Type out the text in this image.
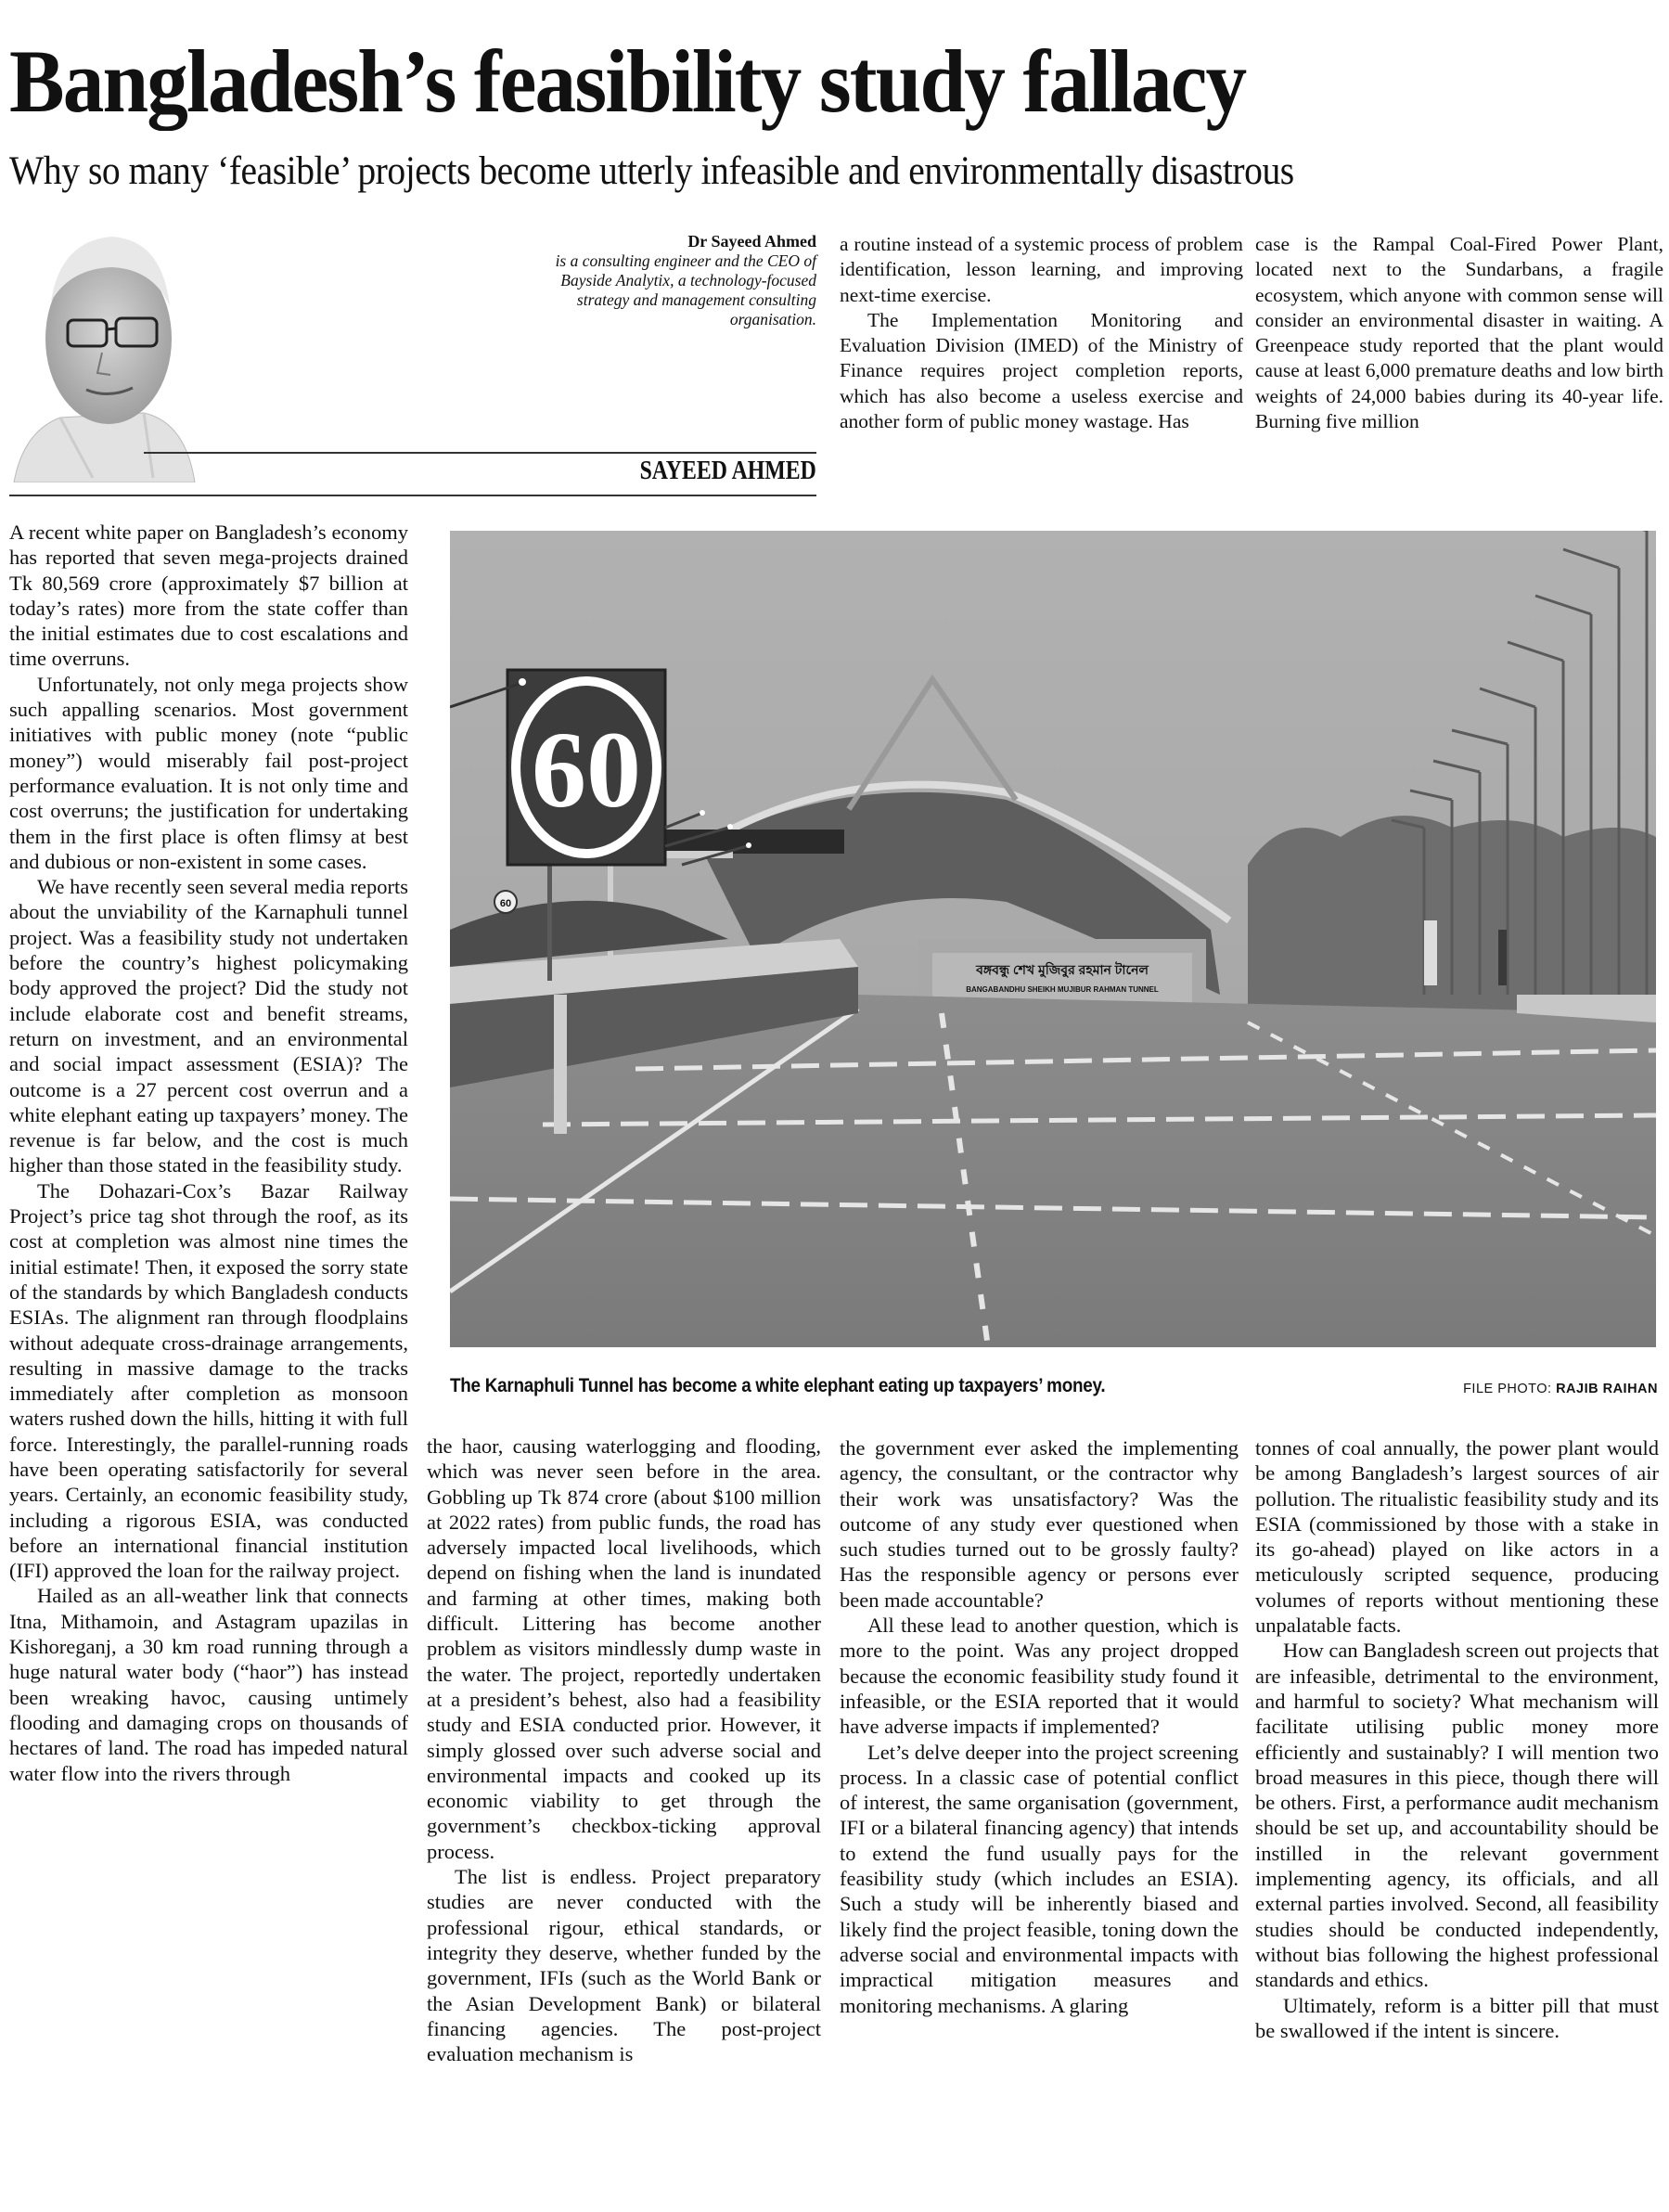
Bangladesh’s feasibility study fallacy
Why so many ‘feasible’ projects become utterly infeasible and environmentally disastrous
Dr Sayeed Ahmed
is a consulting engineer and the CEO of
Bayside Analytix, a technology-focused
strategy and management consulting
organisation.
SAYEED AHMED

a routine instead of a systemic process of problem identification, lesson learning, and improving next-time exercise.

The Implementation Monitoring and Evaluation Division (IMED) of the Ministry of Finance requires project completion reports, which has also become a useless exercise and another form of public money wastage. Has

case is the Rampal Coal-Fired Power Plant, located next to the Sundarbans, a fragile ecosystem, which anyone with common sense will consider an environmental disaster in waiting. A Greenpeace study reported that the plant would cause at least 6,000 premature deaths and low birth weights of 24,000 babies during its 40-year life. Burning five million

A recent white paper on Bangladesh’s economy has reported that seven mega-projects drained Tk 80,569 crore (approximately $7 billion at today’s rates) more from the state coffer than the initial estimates due to cost escalations and time overruns.

Unfortunately, not only mega projects show such appalling scenarios. Most government initiatives with public money (note “public money”) would miserably fail post-project performance evaluation. It is not only time and cost overruns; the justification for undertaking them in the first place is often flimsy at best and dubious or non-existent in some cases.

We have recently seen several media reports about the unviability of the Karnaphuli tunnel project. Was a feasibility study not undertaken before the country’s highest policymaking body approved the project? Did the study not include elaborate cost and benefit streams, return on investment, and an environmental and social impact assessment (ESIA)? The outcome is a 27 percent cost overrun and a white elephant eating up taxpayers’ money. The revenue is far below, and the cost is much higher than those stated in the feasibility study.

The Dohazari-Cox’s Bazar Railway Project’s price tag shot through the roof, as its cost at completion was almost nine times the initial estimate! Then, it exposed the sorry state of the standards by which Bangladesh conducts ESIAs. The alignment ran through floodplains without adequate cross-drainage arrangements, resulting in massive damage to the tracks immediately after completion as monsoon waters rushed down the hills, hitting it with full force. Interestingly, the parallel-running roads have been operating satisfactorily for several years. Certainly, an economic feasibility study, including a rigorous ESIA, was conducted before an international financial institution (IFI) approved the loan for the railway project.

Hailed as an all-weather link that connects Itna, Mithamoin, and Astagram upazilas in Kishoreganj, a 30 km road running through a huge natural water body (“haor”) has instead been wreaking havoc, causing untimely flooding and damaging crops on thousands of hectares of land. The road has impeded natural water flow into the rivers through

বঙ্গবন্ধু শেখ মুজিবুর রহমান টানেল
BANGABANDHU SHEIKH MUJIBUR RAHMAN TUNNEL
60
60
The Karnaphuli Tunnel has become a white elephant eating up taxpayers’ money.	FILE PHOTO: RAJIB RAIHAN

the haor, causing waterlogging and flooding, which was never seen before in the area. Gobbling up Tk 874 crore (about $100 million at 2022 rates) from public funds, the road has adversely impacted local livelihoods, which depend on fishing when the land is inundated and farming at other times, making both difficult. Littering has become another problem as visitors mindlessly dump waste in the water. The project, reportedly undertaken at a president’s behest, also had a feasibility study and ESIA conducted prior. However, it simply glossed over such adverse social and environmental impacts and cooked up its economic viability to get through the government’s checkbox-ticking approval process.

The list is endless. Project preparatory studies are never conducted with the professional rigour, ethical standards, or integrity they deserve, whether funded by the government, IFIs (such as the World Bank or the Asian Development Bank) or bilateral financing agencies. The post-project evaluation mechanism is

the government ever asked the implementing agency, the consultant, or the contractor why their work was unsatisfactory? Was the outcome of any study ever questioned when such studies turned out to be grossly faulty? Has the responsible agency or persons ever been made accountable?

All these lead to another question, which is more to the point. Was any project dropped because the economic feasibility study found it infeasible, or the ESIA reported that it would have adverse impacts if implemented?

Let’s delve deeper into the project screening process. In a classic case of potential conflict of interest, the same organisation (government, IFI or a bilateral financing agency) that intends to extend the fund usually pays for the feasibility study (which includes an ESIA). Such a study will be inherently biased and likely find the project feasible, toning down the adverse social and environmental impacts with impractical mitigation measures and monitoring mechanisms. A glaring

tonnes of coal annually, the power plant would be among Bangladesh’s largest sources of air pollution. The ritualistic feasibility study and its ESIA (commissioned by those with a stake in its go-ahead) played on like actors in a meticulously scripted sequence, producing volumes of reports without mentioning these unpalatable facts.

How can Bangladesh screen out projects that are infeasible, detrimental to the environment, and harmful to society? What mechanism will facilitate utilising public money more efficiently and sustainably? I will mention two broad measures in this piece, though there will be others. First, a performance audit mechanism should be set up, and accountability should be instilled in the relevant government implementing agency, its officials, and all external parties involved. Second, all feasibility studies should be conducted independently, without bias following the highest professional standards and ethics.

Ultimately, reform is a bitter pill that must be swallowed if the intent is sincere.
